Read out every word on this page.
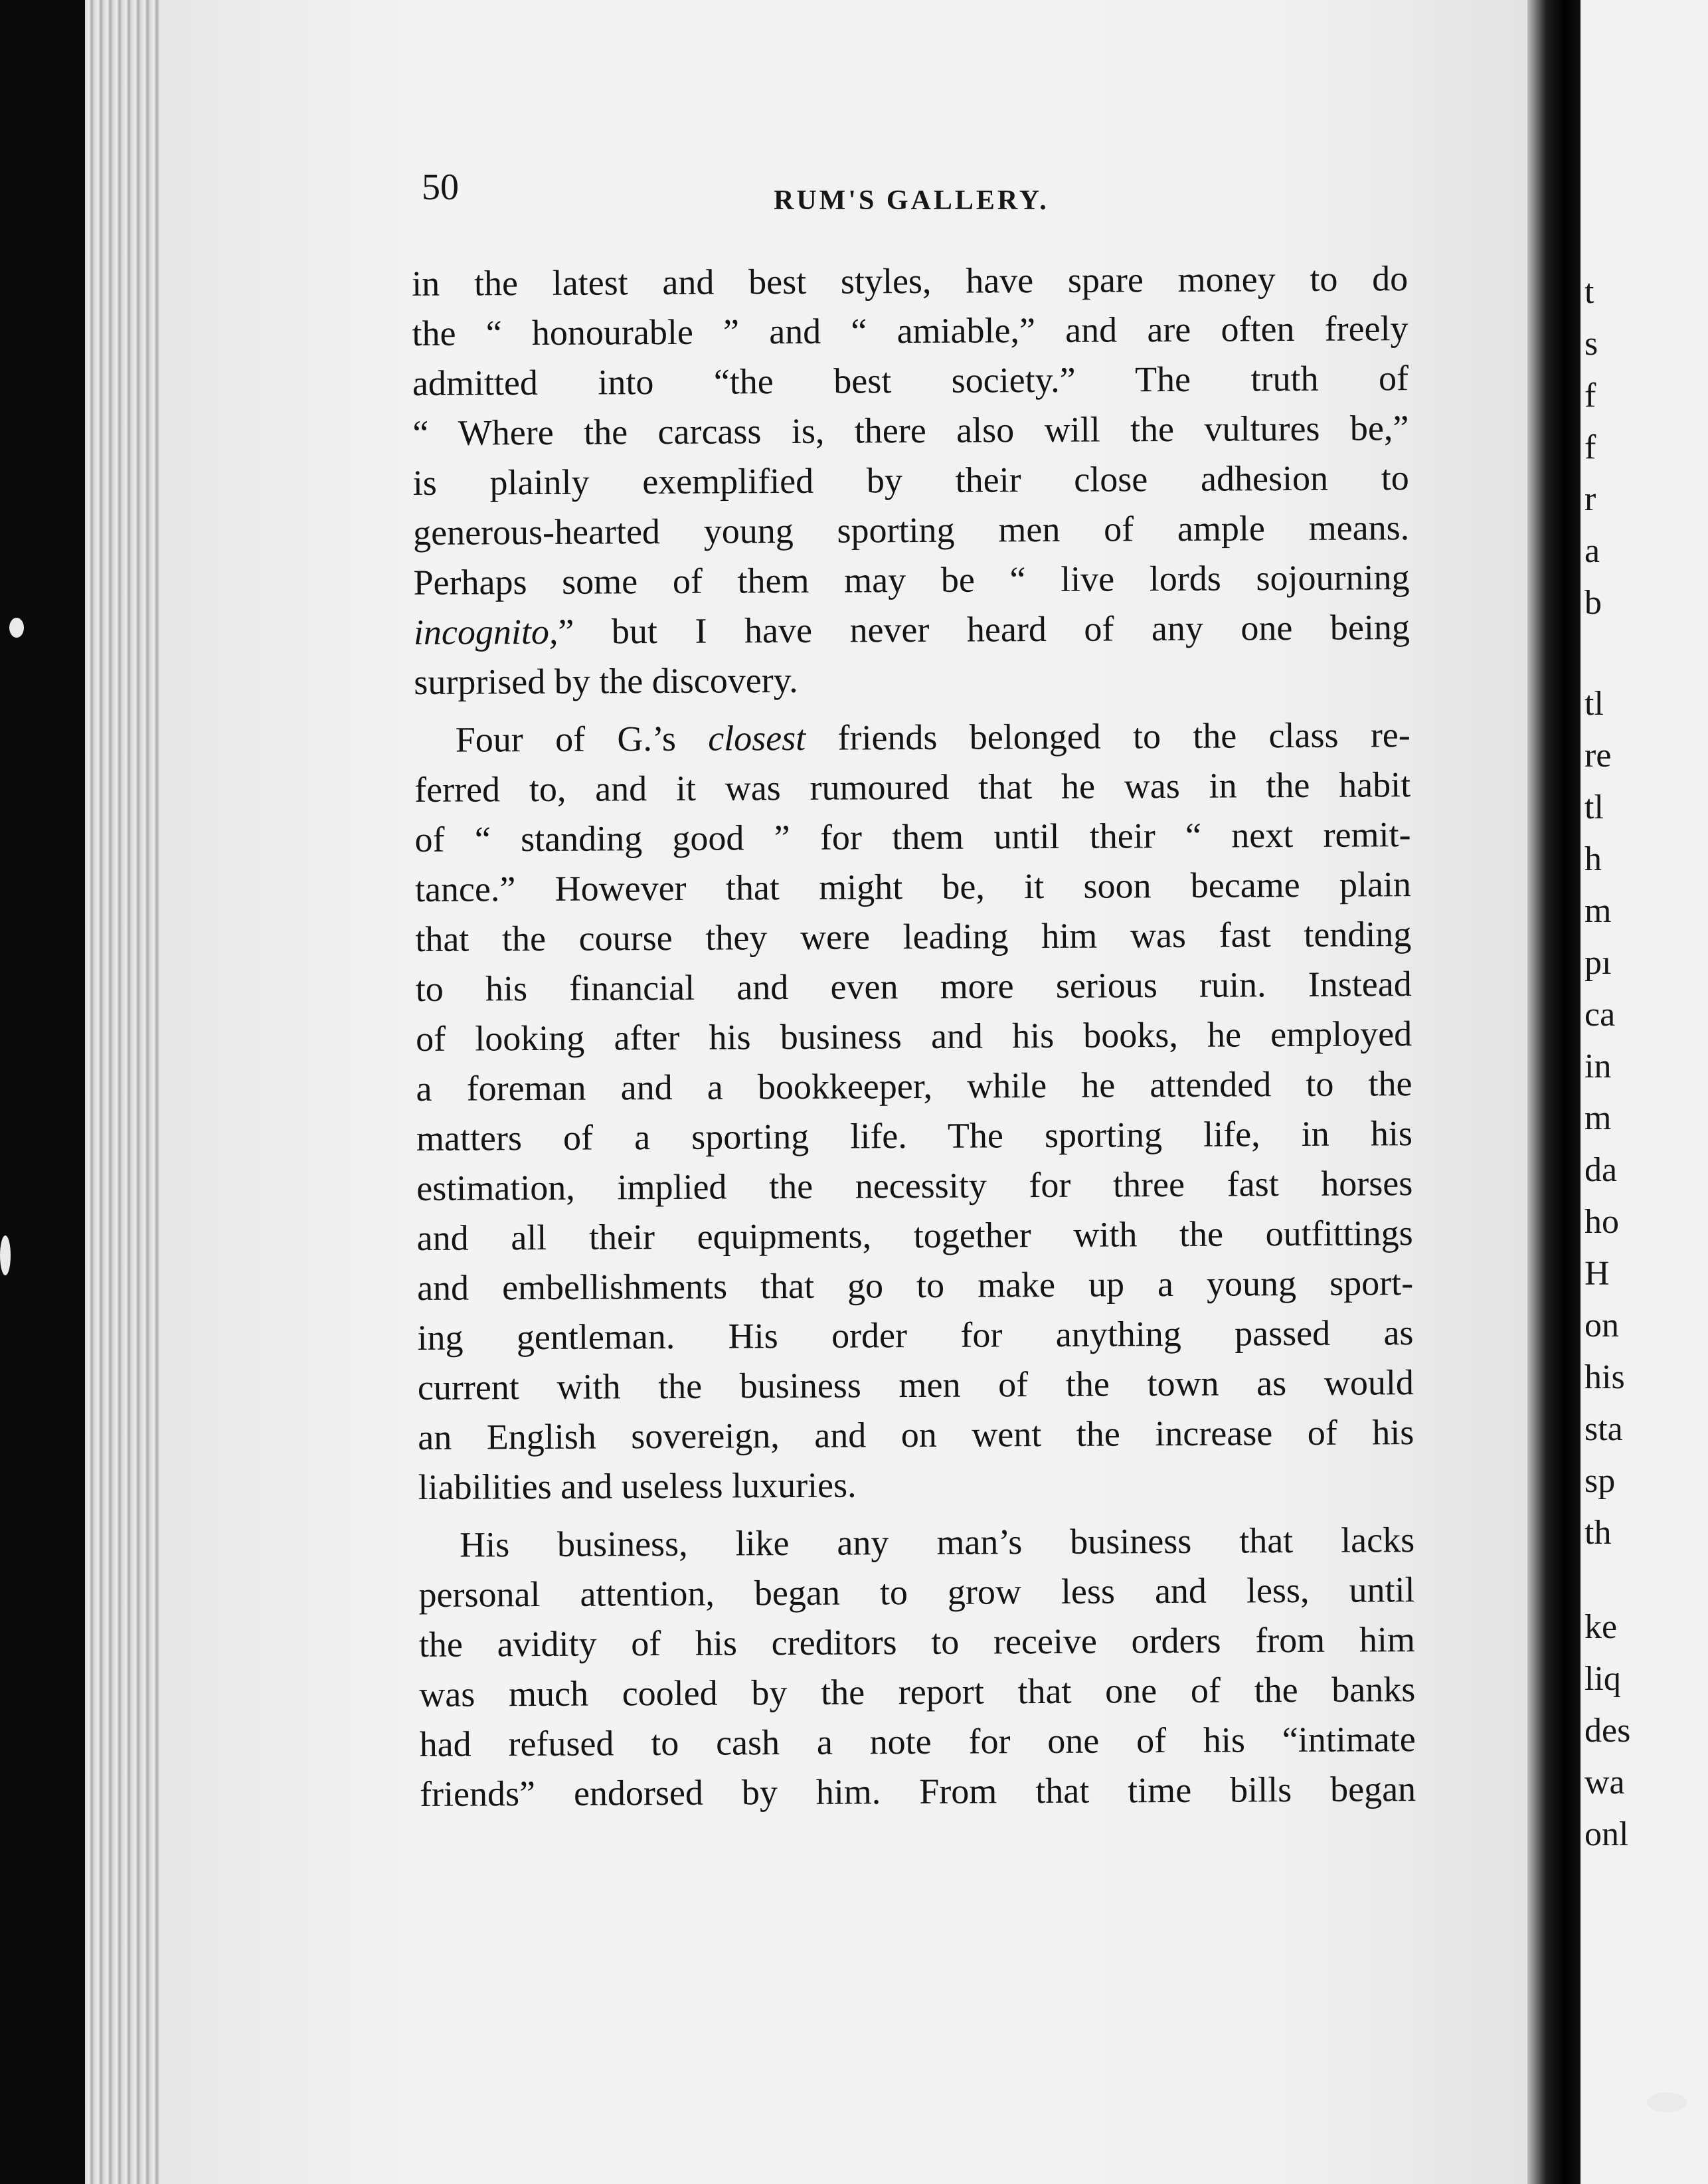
50	RUM'S GALLERY.
in the latest and best styles, have spare money to do
the “ honourable ” and “ amiable,” and are often freely
admitted into “the best society.” The truth of
“ Where the carcass is, there also will the vultures be,”
is plainly exemplified by their close adhesion to
generous-hearted young sporting men of ample means.
Perhaps some of them may be “ live lords sojourning
incognito,” but I have never heard of any one being
surprised by the discovery.
Four of G.’s closest friends belonged to the class re-
ferred to, and it was rumoured that he was in the habit
of “ standing good ” for them until their “ next remit-
tance.” However that might be, it soon became plain
that the course they were leading him was fast tending
to his financial and even more serious ruin. Instead
of looking after his business and his books, he employed
a foreman and a bookkeeper, while he attended to the
matters of a sporting life. The sporting life, in his
estimation, implied the necessity for three fast horses
and all their equipments, together with the outfittings
and embellishments that go to make up a young sport-
ing gentleman. His order for anything passed as
current with the business men of the town as would
an English sovereign, and on went the increase of his
liabilities and useless luxuries.
His business, like any man’s business that lacks
personal attention, began to grow less and less, until
the avidity of his creditors to receive orders from him
was much cooled by the report that one of the banks
had refused to cash a note for one of his “intimate
friends” endorsed by him. From that time bills began
t
s
f
f
r
a
b
tl
re
tl
h
m
pı
ca
in
m
da
ho
H
on
his
sta
sp
th
ke
liq
des
wa
onl
